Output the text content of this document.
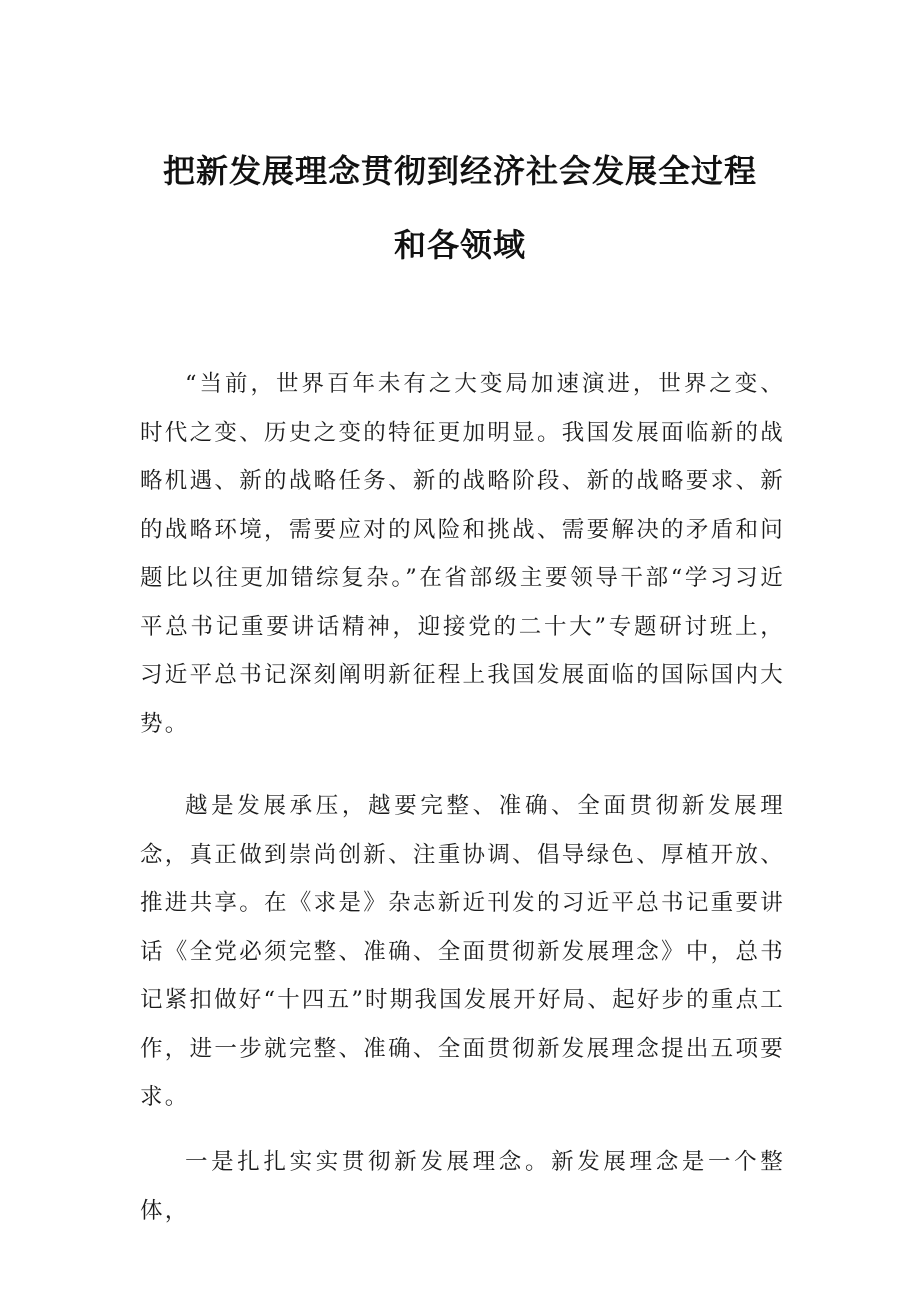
把新发展理念贯彻到经济社会发展全过程
和各领域

“当前，世界百年未有之大变局加速演进，世界之变、时代之变、历史之变的特征更加明显。我国发展面临新的战略机遇、新的战略任务、新的战略阶段、新的战略要求、新的战略环境，需要应对的风险和挑战、需要解决的矛盾和问题比以往更加错综复杂。”在省部级主要领导干部“学习习近平总书记重要讲话精神，迎接党的二十大”专题研讨班上，习近平总书记深刻阐明新征程上我国发展面临的国际国内大势。

越是发展承压，越要完整、准确、全面贯彻新发展理念，真正做到崇尚创新、注重协调、倡导绿色、厚植开放、推进共享。在《求是》杂志新近刊发的习近平总书记重要讲话《全党必须完整、准确、全面贯彻新发展理念》中，总书记紧扣做好“十四五”时期我国发展开好局、起好步的重点工作，进一步就完整、准确、全面贯彻新发展理念提出五项要求。

一是扎扎实实贯彻新发展理念。新发展理念是一个整体，
